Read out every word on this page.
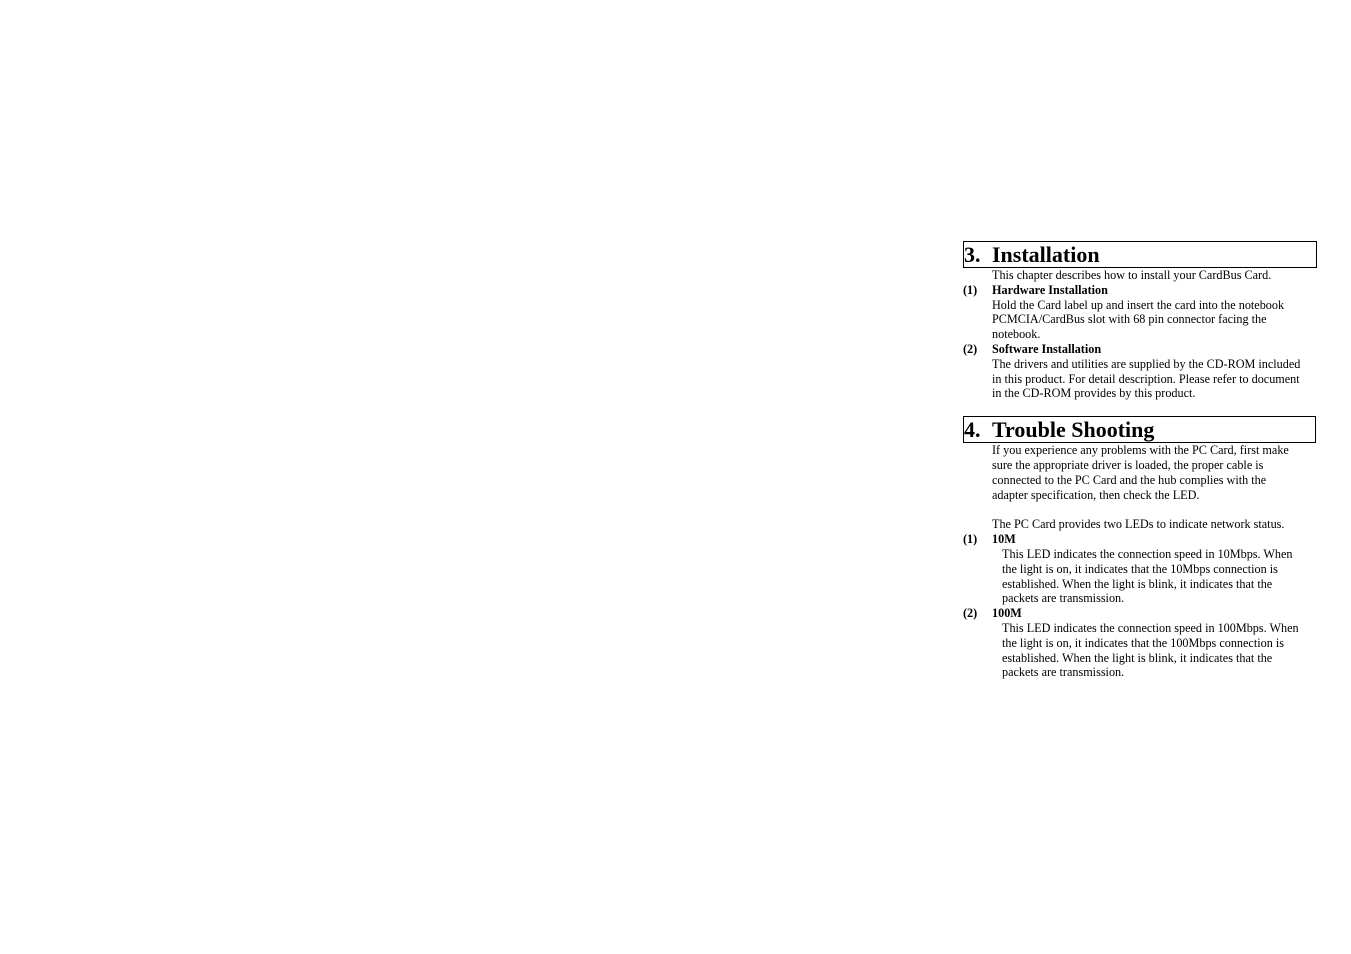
3. Installation
This chapter describes how to install your CardBus Card.
(1)	Hardware Installation
Hold the Card label up and insert the card into the notebook
PCMCIA/CardBus slot with 68 pin connector facing the
notebook.
(2)	Software Installation
The drivers and utilities are supplied by the CD-ROM included
in this product. For detail description. Please refer to document
in the CD-ROM provides by this product.
4. Trouble Shooting
If you experience any problems with the PC Card, first make
sure the appropriate driver is loaded, the proper cable is
connected to the PC Card and the hub complies with the
adapter specification, then check the LED.
The PC Card provides two LEDs to indicate network status.
(1)	10M
This LED indicates the connection speed in 10Mbps. When
the light is on, it indicates that the 10Mbps connection is
established. When the light is blink, it indicates that the
packets are transmission.
(2)	100M
This LED indicates the connection speed in 100Mbps. When
the light is on, it indicates that the 100Mbps connection is
established. When the light is blink, it indicates that the
packets are transmission.
